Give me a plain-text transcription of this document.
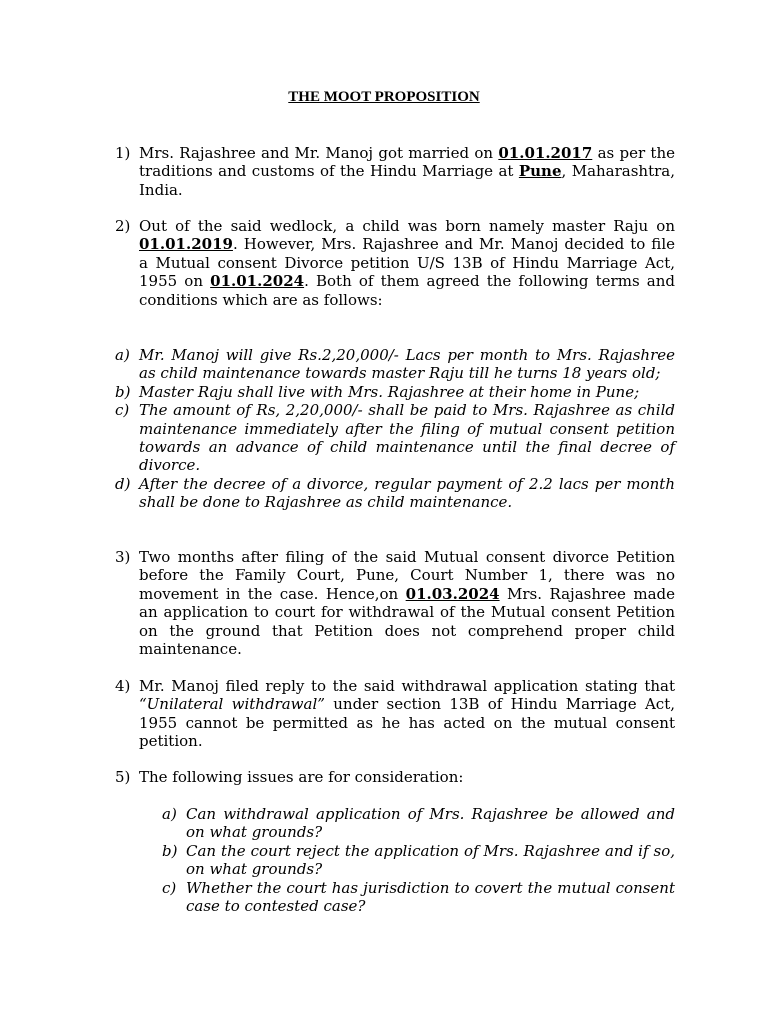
THE MOOT PROPOSITION
1) Mrs. Rajashree and Mr. Manoj got married on 01.01.2017 as per the traditions and customs of the Hindu Marriage at Pune, Maharashtra, India.
2) Out of the said wedlock, a child was born namely master Raju on 01.01.2019. However, Mrs. Rajashree and Mr. Manoj decided to file a Mutual consent Divorce petition U/S 13B of Hindu Marriage Act, 1955 on 01.01.2024. Both of them agreed the following terms and conditions which are as follows:
a) Mr. Manoj will give Rs.2,20,000/- Lacs per month to Mrs. Rajashree as child maintenance towards master Raju till he turns 18 years old;
b) Master Raju shall live with Mrs. Rajashree at their home in Pune;
c) The amount of Rs, 2,20,000/- shall be paid to Mrs. Rajashree as child maintenance immediately after the filing of mutual consent petition towards an advance of child maintenance until the final decree of divorce.
d) After the decree of a divorce, regular payment of 2.2 lacs per month shall be done to Rajashree as child maintenance.
3) Two months after filing of the said Mutual consent divorce Petition before the Family Court, Pune, Court Number 1, there was no movement in the case. Hence,on 01.03.2024 Mrs. Rajashree made an application to court for withdrawal of the Mutual consent Petition on the ground that Petition does not comprehend proper child maintenance.
4) Mr. Manoj filed reply to the said withdrawal application stating that “Unilateral withdrawal” under section 13B of Hindu Marriage Act, 1955 cannot be permitted as he has acted on the mutual consent petition.
5) The following issues are for consideration:
a) Can withdrawal application of Mrs. Rajashree be allowed and on what grounds?
b) Can the court reject the application of Mrs. Rajashree and if so, on what grounds?
c) Whether the court has jurisdiction to covert the mutual consent case to contested case?
